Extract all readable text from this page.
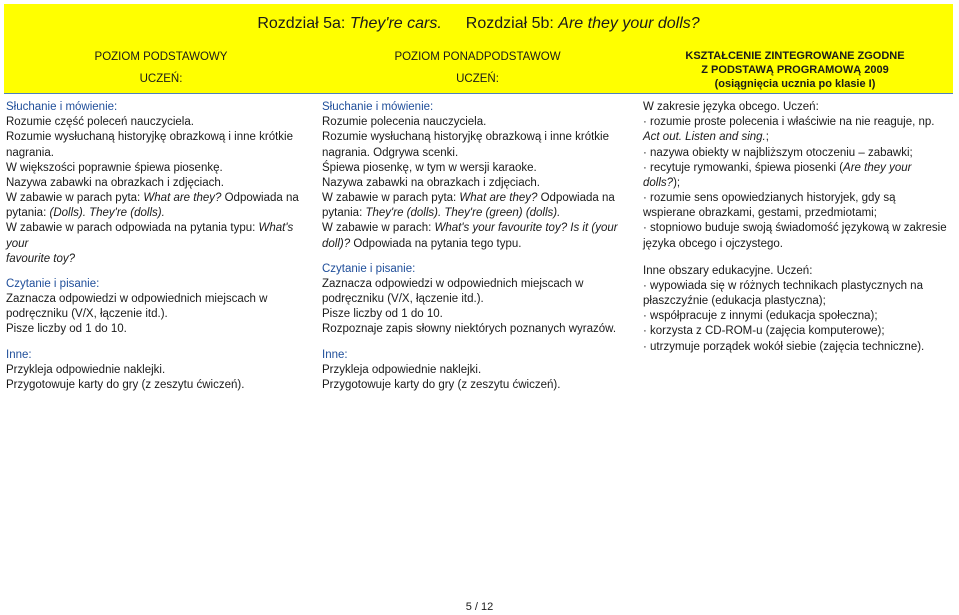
Rozdział 5a:
They're cars. Rozdział 5b:
Are they your dolls?
POZIOM PODSTAWOWY
UCZEŃ:
POZIOM PONADPODSTAWOW
UCZEŃ:
KSZTAŁCENIE ZINTEGROWANE ZGODNE
Z PODSTAWĄ PROGRAMOWĄ 2009
(osiągnięcia ucznia po klasie I)
Słuchanie i mówienie:
Rozumie część poleceń nauczyciela.
Rozumie wysłuchaną historyjkę obrazkową i inne krótkie
nagrania.
W większości poprawnie śpiewa piosenkę.
Nazywa zabawki na obrazkach i zdjęciach.
W zabawie w parach pyta: What are they? Odpowiada na
pytania: (Dolls). They're (dolls).
W zabawie w parach odpowiada na pytania typu: What's your
favourite toy?
Czytanie i pisanie:
Zaznacza odpowiedzi w odpowiednich miejscach w
podręczniku (V/X, łączenie itd.).
Pisze liczby od 1 do 10.
Inne:
Przykleja odpowiednie naklejki.
Przygotowuje karty do gry (z zeszytu ćwiczeń).
Słuchanie i mówienie:
Rozumie polecenia nauczyciela.
Rozumie wysłuchaną historyjkę obrazkową i inne krótkie
nagrania. Odgrywa scenki.
Śpiewa piosenkę, w tym w wersji karaoke.
Nazywa zabawki na obrazkach i zdjęciach.
W zabawie w parach pyta: What are they? Odpowiada na
pytania: They're (dolls). They're (green) (dolls).
W zabawie w parach: What's your favourite toy? Is it (your
doll)? Odpowiada na pytania tego typu.
Czytanie i pisanie:
Zaznacza odpowiedzi w odpowiednich miejscach w
podręczniku (V/X, łączenie itd.).
Pisze liczby od 1 do 10.
Rozpoznaje zapis słowny niektórych poznanych wyrazów.
Inne:
Przykleja odpowiednie naklejki.
Przygotowuje karty do gry (z zeszytu ćwiczeń).
W zakresie języka obcego. Uczeń:
· rozumie proste polecenia i właściwie na nie reaguje, np.
Act out. Listen and sing.;
· nazywa obiekty w najbliższym otoczeniu – zabawki;
· recytuje rymowanki, śpiewa piosenki (Are they your
dolls?);
· rozumie sens opowiedzianych historyjek, gdy są
wspierane obrazkami, gestami, przedmiotami;
· stopniowo buduje swoją świadomość językową w zakresie
języka obcego i ojczystego.
Inne obszary edukacyjne. Uczeń:
· wypowiada się w różnych technikach plastycznych na
płaszczyźnie (edukacja plastyczna);
· współpracuje z innymi (edukacja społeczna);
· korzysta z CD-ROM-u (zajęcia komputerowe);
· utrzymuje porządek wokół siebie (zajęcia techniczne).
5 / 12
